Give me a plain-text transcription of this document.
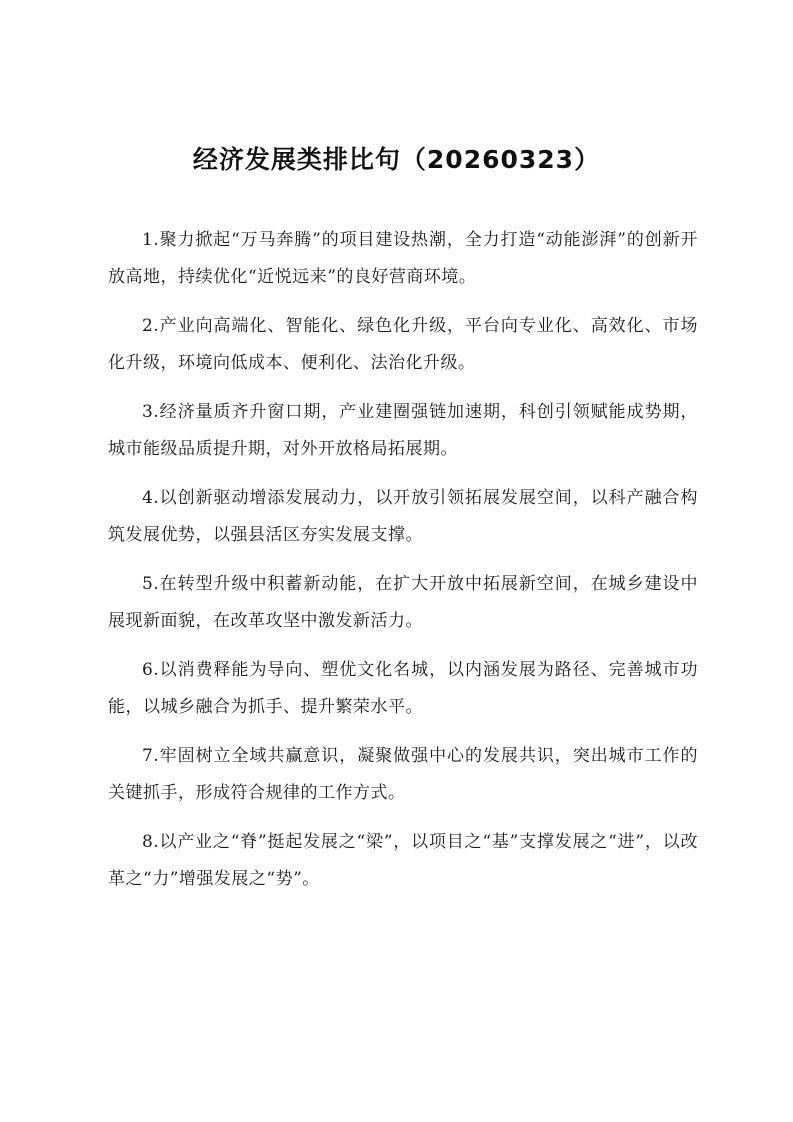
经济发展类排比句（20260323）

1.聚力掀起“万马奔腾”的项目建设热潮，全力打造“动能澎湃”的创新开放高地，持续优化“近悦远来”的良好营商环境。

2.产业向高端化、智能化、绿色化升级，平台向专业化、高效化、市场化升级，环境向低成本、便利化、法治化升级。

3.经济量质齐升窗口期，产业建圈强链加速期，科创引领赋能成势期，城市能级品质提升期，对外开放格局拓展期。

4.以创新驱动增添发展动力，以开放引领拓展发展空间，以科产融合构筑发展优势，以强县活区夯实发展支撑。

5.在转型升级中积蓄新动能，在扩大开放中拓展新空间，在城乡建设中展现新面貌，在改革攻坚中激发新活力。

6.以消费释能为导向、塑优文化名城，以内涵发展为路径、完善城市功能，以城乡融合为抓手、提升繁荣水平。

7.牢固树立全域共赢意识，凝聚做强中心的发展共识，突出城市工作的关键抓手，形成符合规律的工作方式。

8.以产业之“脊”挺起发展之“梁”，以项目之“基”支撑发展之“进”，以改革之“力”增强发展之“势”。
